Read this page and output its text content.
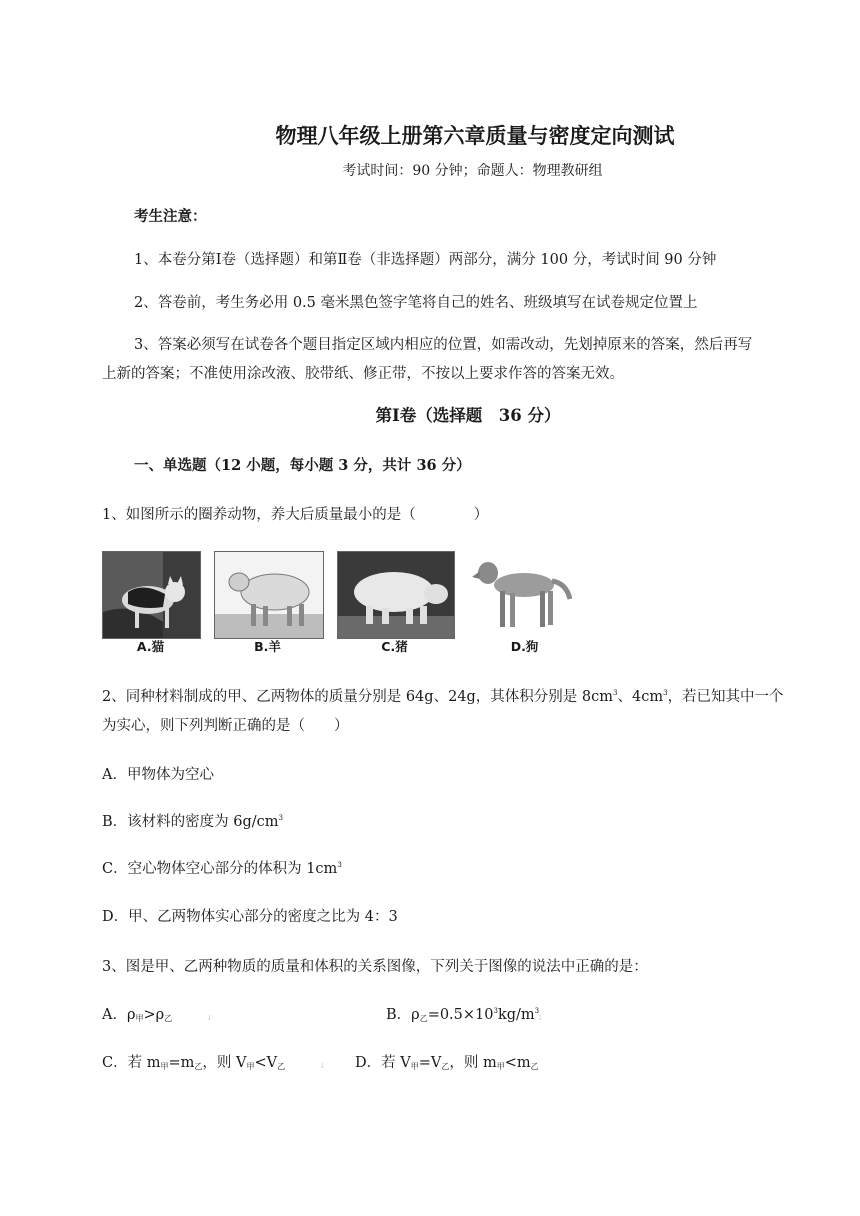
物理八年级上册第六章质量与密度定向测试
考试时间：90 分钟；命题人：物理教研组
考生注意：
1、本卷分第Ⅰ卷（选择题）和第Ⅱ卷（非选择题）两部分，满分 100 分，考试时间 90 分钟
2、答卷前，考生务必用 0.5 毫米黑色签字笔将自己的姓名、班级填写在试卷规定位置上
3、答案必须写在试卷各个题目指定区域内相应的位置，如需改动，先划掉原来的答案，然后再写
上新的答案；不准使用涂改液、胶带纸、修正带，不按以上要求作答的答案无效。
第Ⅰ卷（选择题　36 分）
一、单选题（12 小题，每小题 3 分，共计 36 分）
1、如图所示的圈养动物，养大后质量最小的是（	）
A.猫	B.羊	C.猪	D.狗
2、同种材料制成的甲、乙两物体的质量分别是 64g、24g，其体积分别是 $8cm^3$、$4cm^3$，若已知其中一个
为实心，则下列判断正确的是（　　）
A．甲物体为空心
B．该材料的密度为 $6g/cm^3$
C．空心物体空心部分的体积为 $1cm^3$
D．甲、乙两物体实心部分的密度之比为 4：3
3、图是甲、乙两种物质的质量和体积的关系图像，下列关于图像的说法中正确的是：
A．$\rho_甲>\rho_乙$	;	B．$\rho_乙=0.5\times 10^3kg/m^3$;
C．若 $m_甲=m_乙$，则 $V_甲<V_乙$	; D．若 $V_甲=V_乙$，则 $m_甲<m_乙$
